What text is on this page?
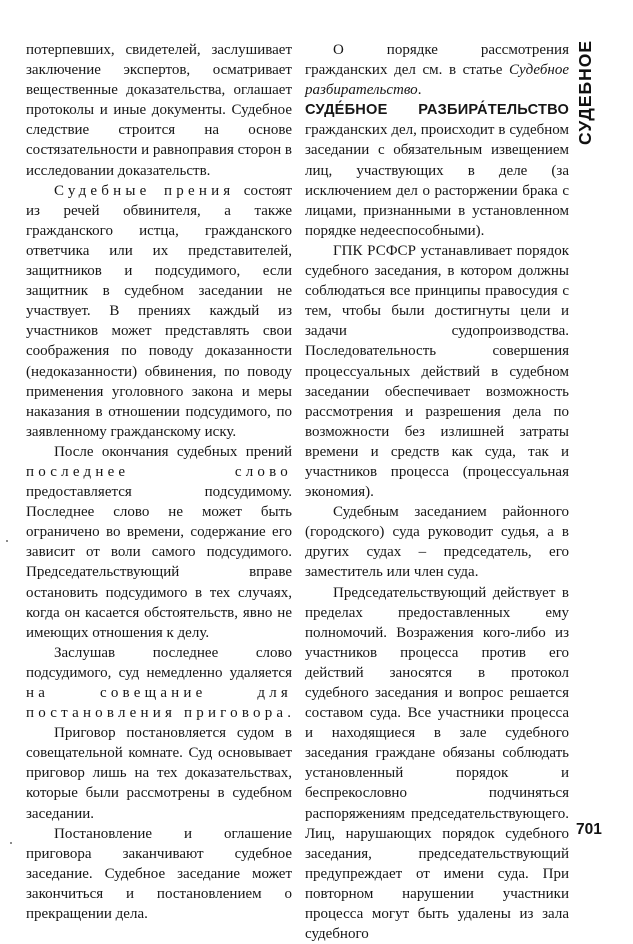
СУДЕБНОЕ

потерпевших, свидетелей, заслушивает заключение экспертов, осматривает вещественные доказательства, оглашает протоколы и иные документы. Судебное следствие строится на основе состязательности и равноправия сторон в исследовании доказательств.

Судебные прения состоят из речей обвинителя, а также гражданского истца, гражданского ответчика или их представителей, защитников и подсудимого, если защитник в судебном заседании не участвует. В прениях каждый из участников может представлять свои соображения по поводу доказанности (недоказанности) обвинения, по поводу применения уголовного закона и меры наказания в отношении подсудимого, по заявленному гражданскому иску.

После окончания судебных прений последнее слово предоставляется подсудимому. Последнее слово не может быть ограничено во времени, содержание его зависит от воли самого подсудимого. Председательствующий вправе остановить подсудимого в тех случаях, когда он касается обстоятельств, явно не имеющих отношения к делу.

Заслушав последнее слово подсудимого, суд немедленно удаляется на совещание для постановления приговора.

Приговор постановляется судом в совещательной комнате. Суд основывает приговор лишь на тех доказательствах, которые были рассмотрены в судебном заседании.

Постановление и оглашение приговора заканчивают судебное заседание. Судебное заседание может закончиться и постановлением о прекращении дела.

О порядке рассмотрения гражданских дел см. в статье Судебное разбирательство.

СУДЕ́БНОЕ РАЗБИРА́ТЕЛЬСТВО гражданских дел, происходит в судебном заседании с обязательным извещением лиц, участвующих в деле (за исключением дел о расторжении брака с лицами, признанными в установленном порядке недееспособными).

ГПК РСФСР устанавливает порядок судебного заседания, в котором должны соблюдаться все принципы правосудия с тем, чтобы были достигнуты цели и задачи судопроизводства. Последовательность совершения процессуальных действий в судебном заседании обеспечивает возможность рассмотрения и разрешения дела по возможности без излишней затраты времени и средств как суда, так и участников процесса (процессуальная экономия).

Судебным заседанием районного (городского) суда руководит судья, а в других судах – председатель, его заместитель или член суда.

Председательствующий действует в пределах предоставленных ему полномочий. Возражения кого-либо из участников процесса против его действий заносятся в протокол судебного заседания и вопрос решается составом суда. Все участники процесса и находящиеся в зале судебного заседания граждане обязаны соблюдать установленный порядок и беспрекословно подчиняться распоряжениям председательствующего. Лиц, нарушающих порядок судебного заседания, председательствующий предупреждает от имени суда. При повторном нарушении участники процесса могут быть удалены из зала судебного

701
